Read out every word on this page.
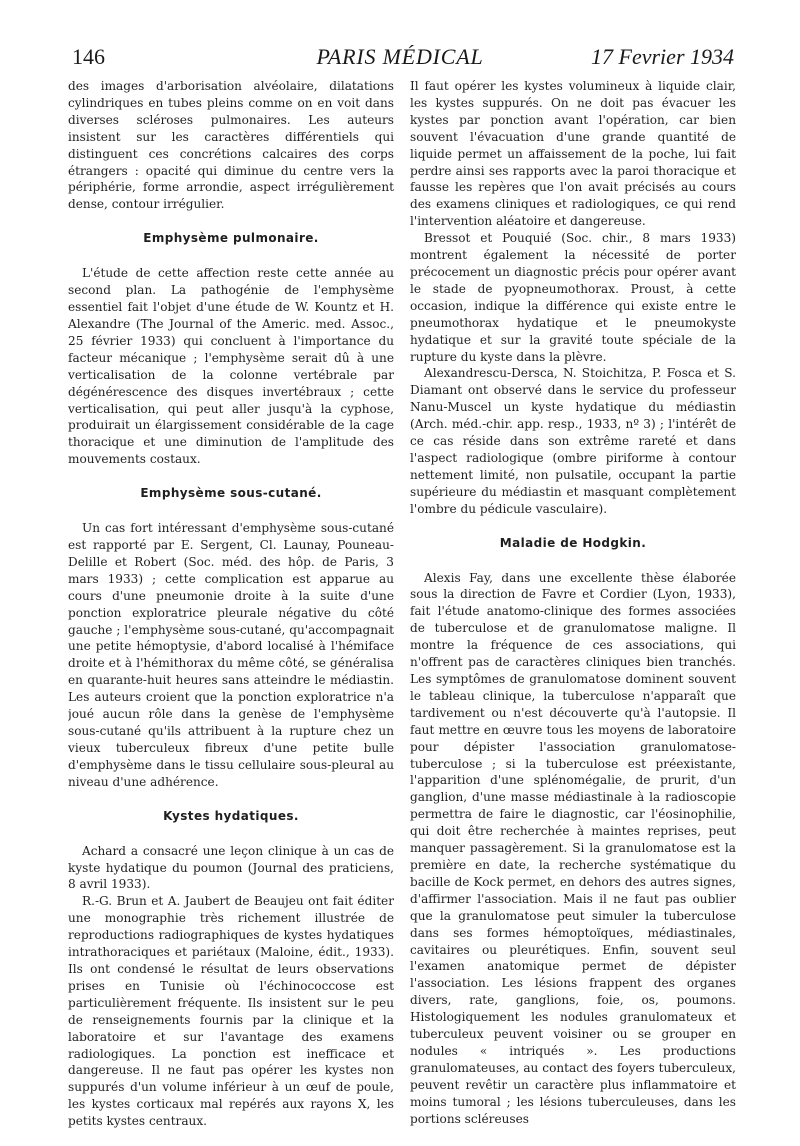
146	PARIS MÉDICAL	17 Fevrier 1934

des images d'arborisation alvéolaire, dilatations cylindriques en tubes pleins comme on en voit dans diverses scléroses pulmonaires. Les auteurs insistent sur les caractères différentiels qui distinguent ces concrétions calcaires des corps étrangers : opacité qui diminue du centre vers la périphérie, forme arrondie, aspect irrégulièrement dense, contour irrégulier.

Emphysème pulmonaire.

L'étude de cette affection reste cette année au second plan. La pathogénie de l'emphysème essentiel fait l'objet d'une étude de W. Kountz et H. Alexandre (The Journal of the Americ. med. Assoc., 25 février 1933) qui concluent à l'importance du facteur mécanique ; l'emphysème serait dû à une verticalisation de la colonne vertébrale par dégénérescence des disques invertébraux ; cette verticalisation, qui peut aller jusqu'à la cyphose, produirait un élargissement considérable de la cage thoracique et une diminution de l'amplitude des mouvements costaux.

Emphysème sous-cutané.

Un cas fort intéressant d'emphysème sous-cutané est rapporté par E. Sergent, Cl. Launay, Pouneau-Delille et Robert (Soc. méd. des hôp. de Paris, 3 mars 1933) ; cette complication est apparue au cours d'une pneumonie droite à la suite d'une ponction exploratrice pleurale négative du côté gauche ; l'emphysème sous-cutané, qu'accompagnait une petite hémoptysie, d'abord localisé à l'hémiface droite et à l'hémithorax du même côté, se généralisa en quarante-huit heures sans atteindre le médiastin. Les auteurs croient que la ponction exploratrice n'a joué aucun rôle dans la genèse de l'emphysème sous-cutané qu'ils attribuent à la rupture chez un vieux tuberculeux fibreux d'une petite bulle d'emphysème dans le tissu cellulaire sous-pleural au niveau d'une adhérence.

Kystes hydatiques.

Achard a consacré une leçon clinique à un cas de kyste hydatique du poumon (Journal des praticiens, 8 avril 1933).

R.-G. Brun et A. Jaubert de Beaujeu ont fait éditer une monographie très richement illustrée de reproductions radiographiques de kystes hydatiques intrathoraciques et pariétaux (Maloine, édit., 1933). Ils ont condensé le résultat de leurs observations prises en Tunisie où l'échinococcose est particulièrement fréquente. Ils insistent sur le peu de renseignements fournis par la clinique et la laboratoire et sur l'avantage des examens radiologiques. La ponction est inefficace et dangereuse. Il ne faut pas opérer les kystes non suppurés d'un volume inférieur à un œuf de poule, les kystes corticaux mal repérés aux rayons X, les petits kystes centraux.

Il faut opérer les kystes volumineux à liquide clair, les kystes suppurés. On ne doit pas évacuer les kystes par ponction avant l'opération, car bien souvent l'évacuation d'une grande quantité de liquide permet un affaissement de la poche, lui fait perdre ainsi ses rapports avec la paroi thoracique et fausse les repères que l'on avait précisés au cours des examens cliniques et radiologiques, ce qui rend l'intervention aléatoire et dangereuse.

Bressot et Pouquié (Soc. chir., 8 mars 1933) montrent également la nécessité de porter précocement un diagnostic précis pour opérer avant le stade de pyopneumothorax. Proust, à cette occasion, indique la différence qui existe entre le pneumothorax hydatique et le pneumokyste hydatique et sur la gravité toute spéciale de la rupture du kyste dans la plèvre.

Alexandrescu-Dersca, N. Stoichitza, P. Fosca et S. Diamant ont observé dans le service du professeur Nanu-Muscel un kyste hydatique du médiastin (Arch. méd.-chir. app. resp., 1933, nº 3) ; l'intérêt de ce cas réside dans son extrême rareté et dans l'aspect radiologique (ombre piriforme à contour nettement limité, non pulsatile, occupant la partie supérieure du médiastin et masquant complètement l'ombre du pédicule vasculaire).

Maladie de Hodgkin.

Alexis Fay, dans une excellente thèse élaborée sous la direction de Favre et Cordier (Lyon, 1933), fait l'étude anatomo-clinique des formes associées de tuberculose et de granulomatose maligne. Il montre la fréquence de ces associations, qui n'offrent pas de caractères cliniques bien tranchés. Les symptômes de granulomatose dominent souvent le tableau clinique, la tuberculose n'apparaît que tardivement ou n'est découverte qu'à l'autopsie. Il faut mettre en œuvre tous les moyens de laboratoire pour dépister l'association granulomatose-tuberculose ; si la tuberculose est préexistante, l'apparition d'une splénomégalie, de prurit, d'un ganglion, d'une masse médiastinale à la radioscopie permettra de faire le diagnostic, car l'éosinophilie, qui doit être recherchée à maintes reprises, peut manquer passagèrement. Si la granulomatose est la première en date, la recherche systématique du bacille de Kock permet, en dehors des autres signes, d'affirmer l'association. Mais il ne faut pas oublier que la granulomatose peut simuler la tuberculose dans ses formes hémoptoïques, médiastinales, cavitaires ou pleurétiques. Enfin, souvent seul l'examen anatomique permet de dépister l'association. Les lésions frappent des organes divers, rate, ganglions, foie, os, poumons. Histologiquement les nodules granulomateux et tuberculeux peuvent voisiner ou se grouper en nodules « intriqués ». Les productions granulomateuses, au contact des foyers tuberculeux, peuvent revêtir un caractère plus inflammatoire et moins tumoral ; les lésions tuberculeuses, dans les portions scléreuses
